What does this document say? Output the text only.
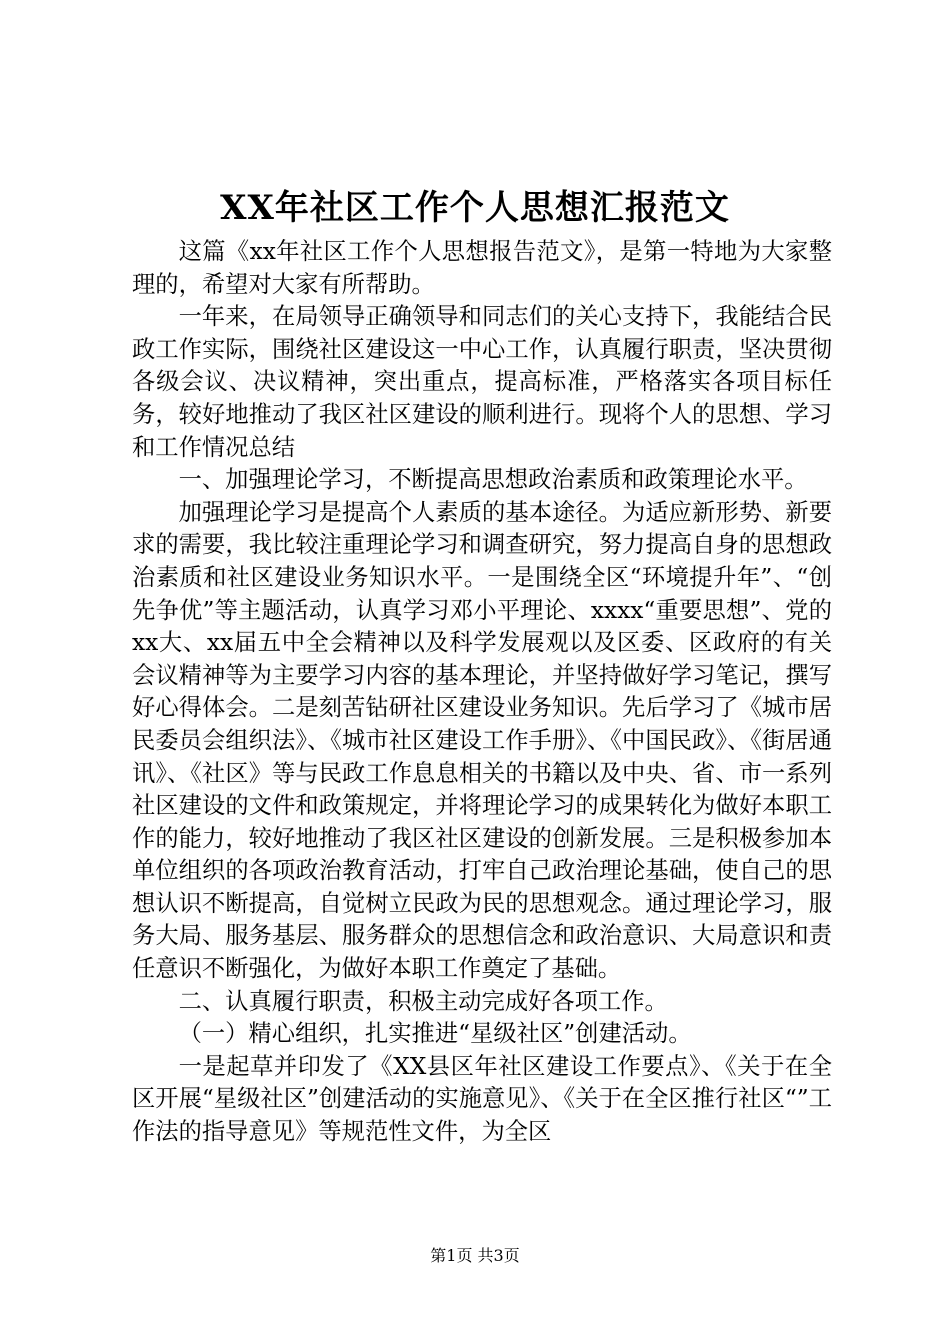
XX年社区工作个人思想汇报范文

这篇《xx年社区工作个人思想报告范文》，是第一特地为大家整理的，希望对大家有所帮助。

一年来，在局领导正确领导和同志们的关心支持下，我能结合民政工作实际，围绕社区建设这一中心工作，认真履行职责，坚决贯彻各级会议、决议精神，突出重点，提高标准，严格落实各项目标任务，较好地推动了我区社区建设的顺利进行。现将个人的思想、学习和工作情况总结

一、加强理论学习，不断提高思想政治素质和政策理论水平。

加强理论学习是提高个人素质的基本途径。为适应新形势、新要求的需要，我比较注重理论学习和调查研究，努力提高自身的思想政治素质和社区建设业务知识水平。一是围绕全区“环境提升年”、“创先争优”等主题活动，认真学习邓小平理论、xxxx“重要思想”、党的xx大、xx届五中全会精神以及科学发展观以及区委、区政府的有关会议精神等为主要学习内容的基本理论，并坚持做好学习笔记，撰写好心得体会。二是刻苦钻研社区建设业务知识。先后学习了《城市居民委员会组织法》、《城市社区建设工作手册》、《中国民政》、《街居通讯》、《社区》等与民政工作息息相关的书籍以及中央、省、市一系列社区建设的文件和政策规定，并将理论学习的成果转化为做好本职工作的能力，较好地推动了我区社区建设的创新发展。三是积极参加本单位组织的各项政治教育活动，打牢自己政治理论基础，使自己的思想认识不断提高，自觉树立民政为民的思想观念。通过理论学习，服务大局、服务基层、服务群众的思想信念和政治意识、大局意识和责任意识不断强化，为做好本职工作奠定了基础。

二、认真履行职责，积极主动完成好各项工作。

（一）精心组织，扎实推进“星级社区”创建活动。

一是起草并印发了《XX县区年社区建设工作要点》、《关于在全区开展“星级社区”创建活动的实施意见》、《关于在全区推行社区“”工作法的指导意见》等规范性文件，为全区

第1页 共3页
